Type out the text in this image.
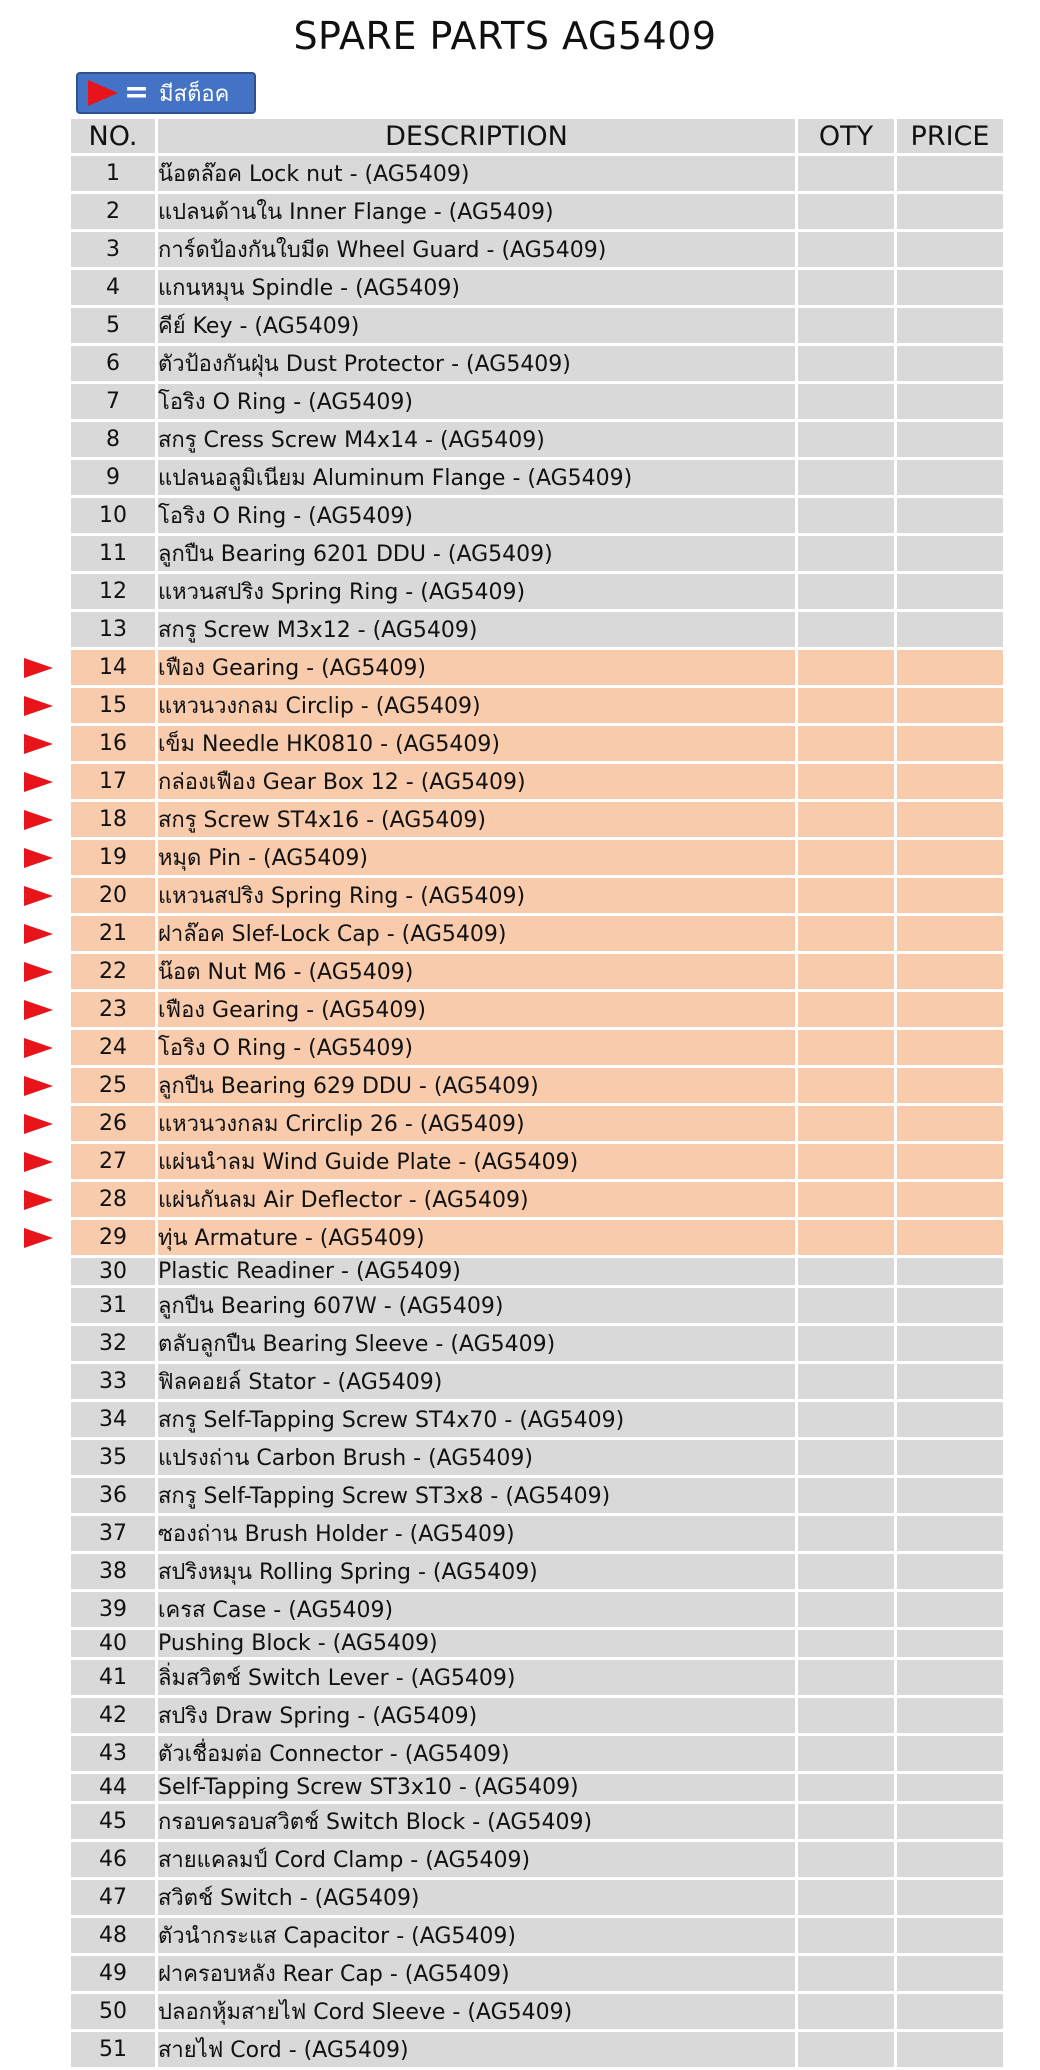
SPARE PARTS AG5409
= มีสต็อค
NO.	DESCRIPTION	OTY	PRICE
1	น๊อตล๊อค Lock nut - (AG5409)		
2	แปลนด้านใน Inner Flange - (AG5409)		
3	การ์ดป้องกันใบมีด Wheel Guard - (AG5409)		
4	แกนหมุน Spindle - (AG5409)		
5	คีย์ Key - (AG5409)		
6	ตัวป้องกันฝุ่น Dust Protector - (AG5409)		
7	โอริง O Ring - (AG5409)		
8	สกรู Cress Screw M4x14 - (AG5409)		
9	แปลนอลูมิเนียม Aluminum Flange - (AG5409)		
10	โอริง O Ring - (AG5409)		
11	ลูกปืน Bearing 6201 DDU - (AG5409)		
12	แหวนสปริง Spring Ring - (AG5409)		
13	สกรู Screw M3x12 - (AG5409)		
14	เฟือง Gearing - (AG5409)		
15	แหวนวงกลม Circlip - (AG5409)		
16	เข็ม Needle HK0810 - (AG5409)		
17	กล่องเฟือง Gear Box 12 - (AG5409)		
18	สกรู Screw ST4x16 - (AG5409)		
19	หมุด Pin - (AG5409)		
20	แหวนสปริง Spring Ring - (AG5409)		
21	ฝาล๊อค Slef-Lock Cap - (AG5409)		
22	น๊อต Nut M6 - (AG5409)		
23	เฟือง Gearing - (AG5409)		
24	โอริง O Ring - (AG5409)		
25	ลูกปืน Bearing 629 DDU - (AG5409)		
26	แหวนวงกลม Crirclip 26 - (AG5409)		
27	แผ่นนำลม Wind Guide Plate - (AG5409)		
28	แผ่นกันลม Air Deflector - (AG5409)		
29	ทุ่น Armature - (AG5409)		
30	Plastic Readiner - (AG5409)		
31	ลูกปืน Bearing 607W - (AG5409)		
32	ตลับลูกปืน Bearing Sleeve - (AG5409)		
33	ฟิลคอยล์ Stator - (AG5409)		
34	สกรู Self-Tapping Screw ST4x70 - (AG5409)		
35	แปรงถ่าน Carbon Brush - (AG5409)		
36	สกรู Self-Tapping Screw ST3x8 - (AG5409)		
37	ซองถ่าน Brush Holder - (AG5409)		
38	สปริงหมุน Rolling Spring - (AG5409)		
39	เครส Case - (AG5409)		
40	Pushing Block - (AG5409)		
41	ลิ่มสวิตช์ Switch Lever - (AG5409)		
42	สปริง Draw Spring - (AG5409)		
43	ตัวเชื่อมต่อ Connector - (AG5409)		
44	Self-Tapping Screw ST3x10 - (AG5409)		
45	กรอบครอบสวิตช์ Switch Block - (AG5409)		
46	สายแคลมป์ Cord Clamp - (AG5409)		
47	สวิตช์ Switch - (AG5409)		
48	ตัวนำกระแส Capacitor - (AG5409)		
49	ฝาครอบหลัง Rear Cap - (AG5409)		
50	ปลอกหุ้มสายไฟ Cord Sleeve - (AG5409)		
51	สายไฟ Cord - (AG5409)		
